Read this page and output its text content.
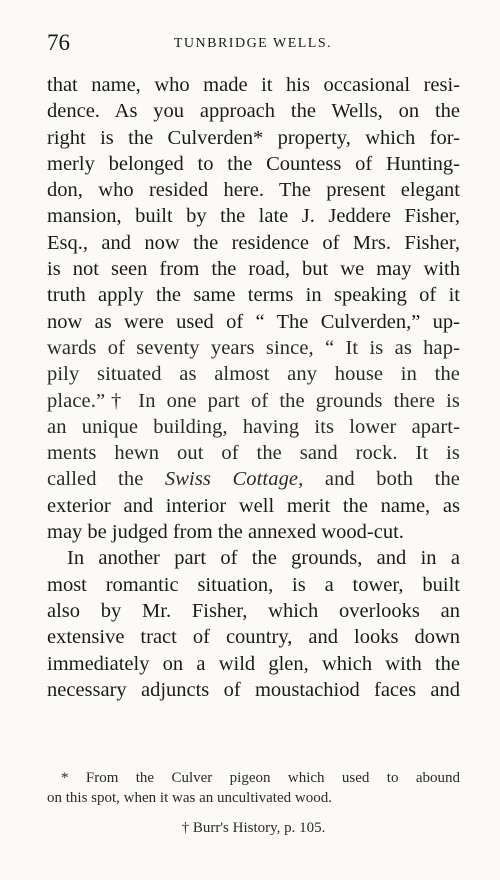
76	TUNBRIDGE WELLS.
that name, who made it his occasional resi-
dence. As you approach the Wells, on the
right is the Culverden* property, which for-
merly belonged to the Countess of Hunting-
don, who resided here. The present elegant
mansion, built by the late J. Jeddere Fisher,
Esq., and now the residence of Mrs. Fisher,
is not seen from the road, but we may with
truth apply the same terms in speaking of it
now as were used of “ The Culverden,” up-
wards of seventy years since, “ It is as hap-
pily situated as almost any house in the
place.”† In one part of the grounds there is
an unique building, having its lower apart-
ments hewn out of the sand rock. It is
called the Swiss Cottage, and both the
exterior and interior well merit the name, as
may be judged from the annexed wood-cut.
In another part of the grounds, and in a
most romantic situation, is a tower, built
also by Mr. Fisher, which overlooks an
extensive tract of country, and looks down
immediately on a wild glen, which with the
necessary adjuncts of moustachiod faces and
* From the Culver pigeon which used to abound
on this spot, when it was an uncultivated wood.
† Burr's History, p. 105.
